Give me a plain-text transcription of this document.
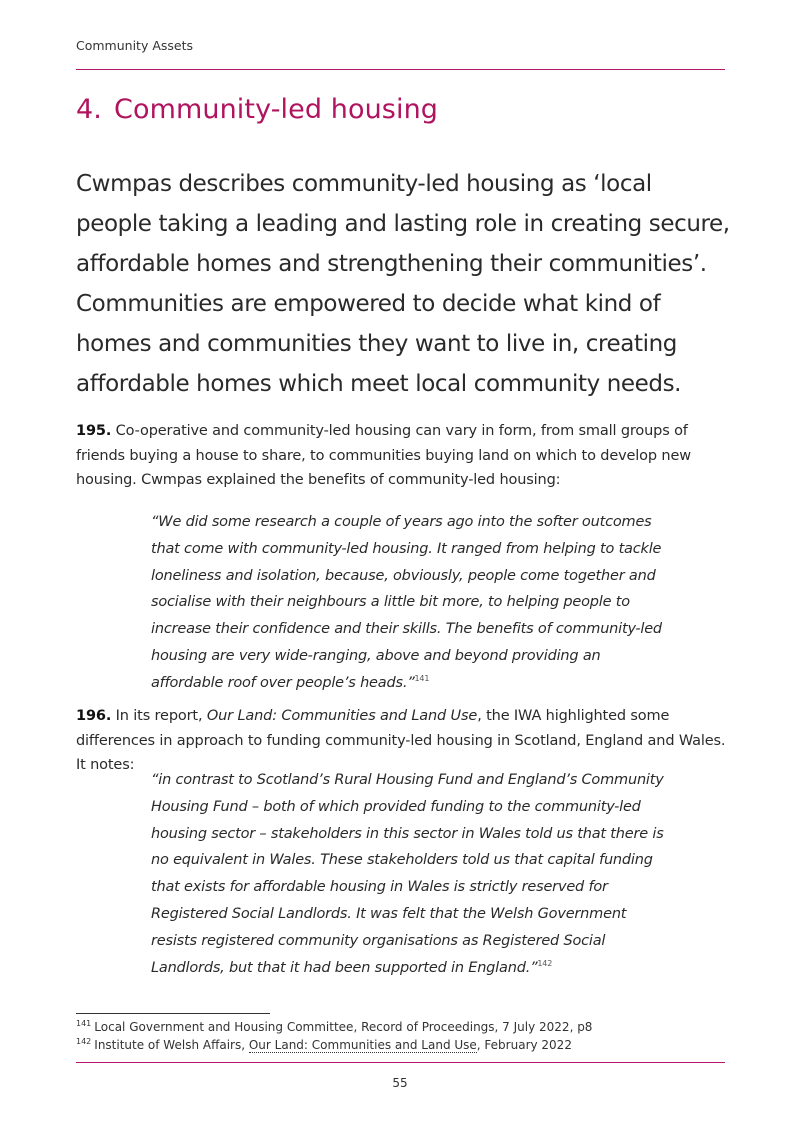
Community Assets
4. Community-led housing

Cwmpas describes community-led housing as ‘local people taking a leading and lasting role in creating secure, affordable homes and strengthening their communities’. Communities are empowered to decide what kind of homes and communities they want to live in, creating affordable homes which meet local community needs.

195. Co-operative and community-led housing can vary in form, from small groups of friends buying a house to share, to communities buying land on which to develop new housing. Cwmpas explained the benefits of community-led housing:

“We did some research a couple of years ago into the softer outcomes that come with community-led housing. It ranged from helping to tackle loneliness and isolation, because, obviously, people come together and socialise with their neighbours a little bit more, to helping people to increase their confidence and their skills. The benefits of community-led housing are very wide-ranging, above and beyond providing an affordable roof over people’s heads.”$^{141}$

196. In its report, Our Land: Communities and Land Use, the IWA highlighted some differences in approach to funding community-led housing in Scotland, England and Wales. It notes:

“in contrast to Scotland’s Rural Housing Fund and England’s Community Housing Fund – both of which provided funding to the community-led housing sector – stakeholders in this sector in Wales told us that there is no equivalent in Wales. These stakeholders told us that capital funding that exists for affordable housing in Wales is strictly reserved for Registered Social Landlords. It was felt that the Welsh Government resists registered community organisations as Registered Social Landlords, but that it had been supported in England.”$^{142}$

$^{141}$ Local Government and Housing Committee, Record of Proceedings, 7 July 2022, p8
$^{142}$ Institute of Welsh Affairs, Our Land: Communities and Land Use, February 2022
55
